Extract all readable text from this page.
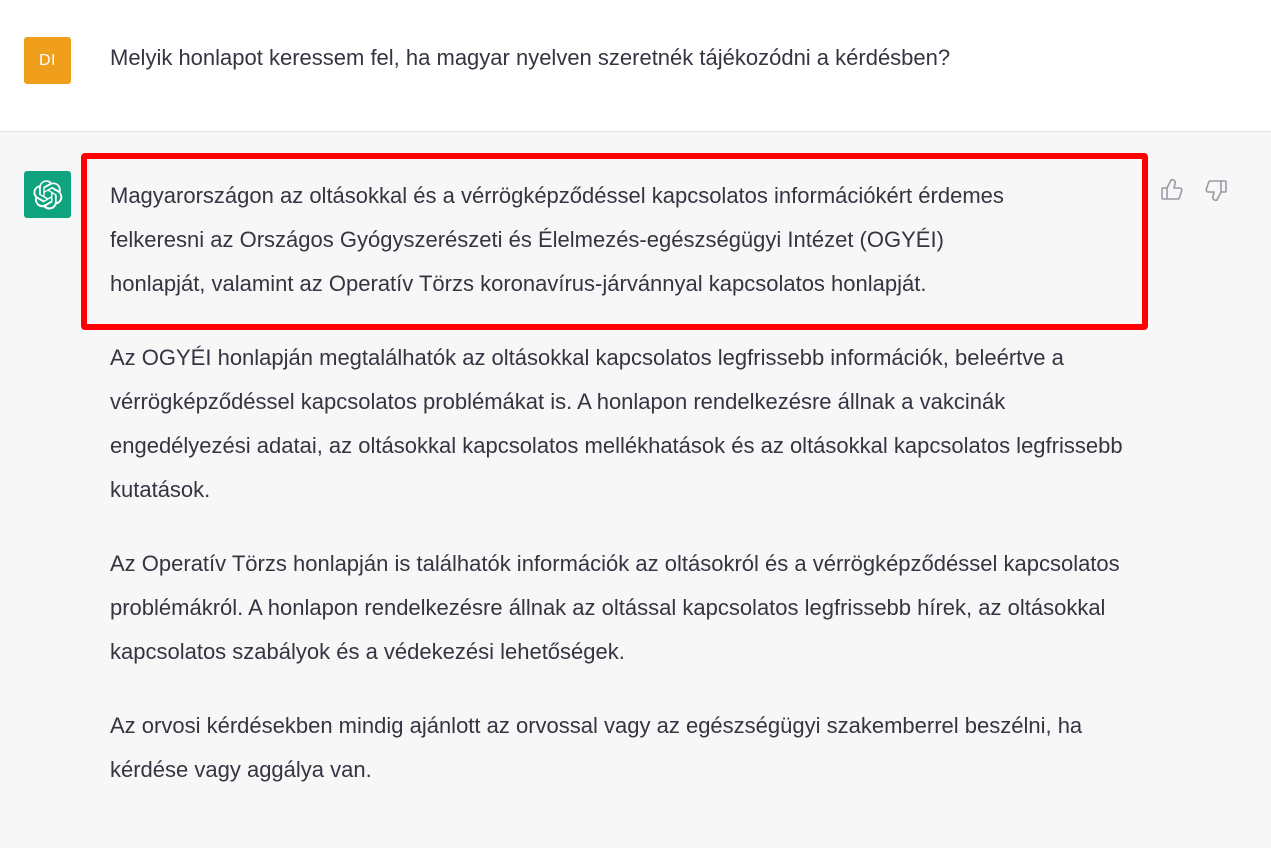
DI	Melyik honlapot keressem fel, ha magyar nyelven szeretnék tájékozódni a kérdésben?

Magyarországon az oltásokkal és a vérrögképződéssel kapcsolatos információkért érdemes
felkeresni az Országos Gyógyszerészeti és Élelmezés-egészségügyi Intézet (OGYÉI)
honlapját, valamint az Operatív Törzs koronavírus-járvánnyal kapcsolatos honlapját.

Az OGYÉI honlapján megtalálhatók az oltásokkal kapcsolatos legfrissebb információk, beleértve a vérrögképződéssel kapcsolatos problémákat is. A honlapon rendelkezésre állnak a vakcinák engedélyezési adatai, az oltásokkal kapcsolatos mellékhatások és az oltásokkal kapcsolatos legfrissebb kutatások.

Az Operatív Törzs honlapján is találhatók információk az oltásokról és a vérrögképződéssel kapcsolatos problémákról. A honlapon rendelkezésre állnak az oltással kapcsolatos legfrissebb hírek, az oltásokkal kapcsolatos szabályok és a védekezési lehetőségek.

Az orvosi kérdésekben mindig ajánlott az orvossal vagy az egészségügyi szakemberrel beszélni, ha kérdése vagy aggálya van.
